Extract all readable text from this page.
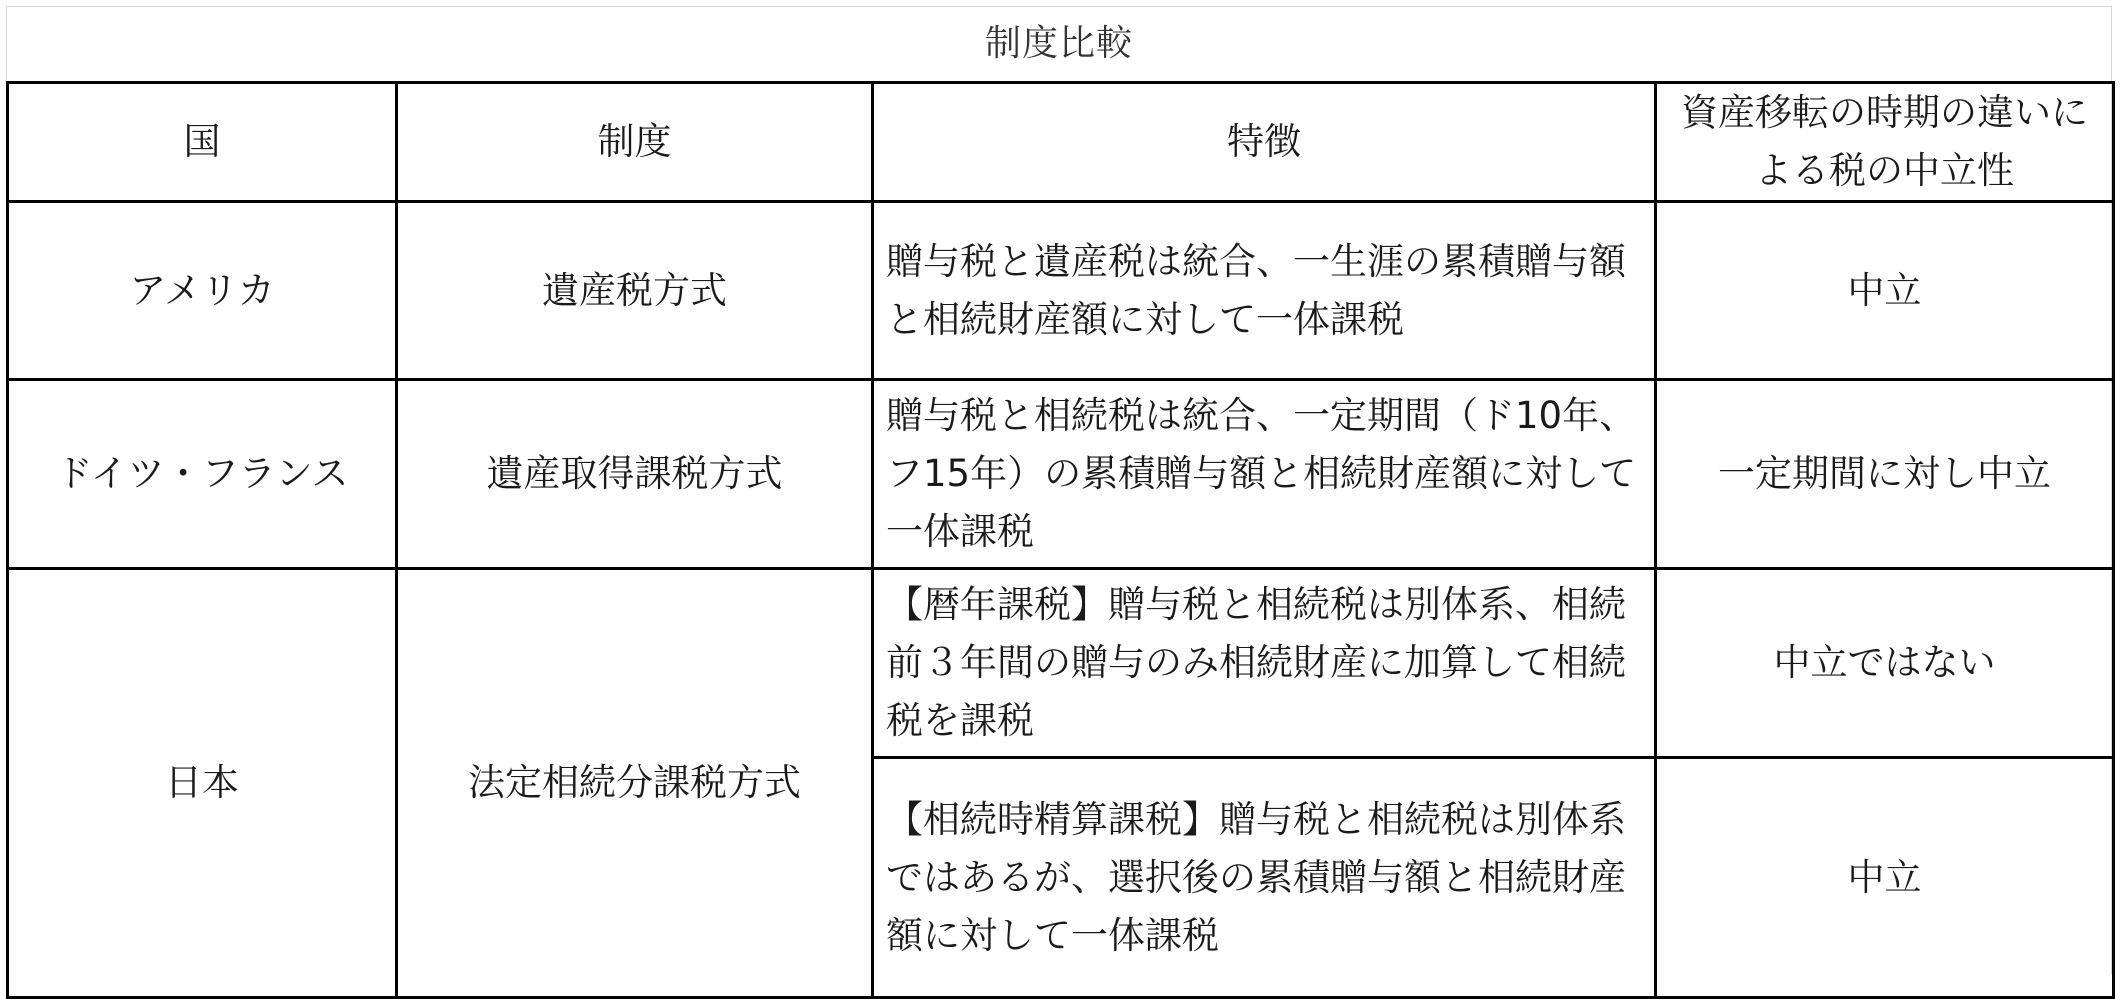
制度比較
国	制度	特徴	資産移転の時期の違いによる税の中立性
アメリカ	遺産税方式	贈与税と遺産税は統合、一生涯の累積贈与額と相続財産額に対して一体課税	中立
ドイツ・フランス	遺産取得課税方式	贈与税と相続税は統合、一定期間（ド10年、フ15年）の累積贈与額と相続財産額に対して一体課税	一定期間に対し中立
日本	法定相続分課税方式	【暦年課税】贈与税と相続税は別体系、相続前３年間の贈与のみ相続財産に加算して相続税を課税	中立ではない
		【相続時精算課税】贈与税と相続税は別体系ではあるが、選択後の累積贈与額と相続財産額に対して一体課税	中立
